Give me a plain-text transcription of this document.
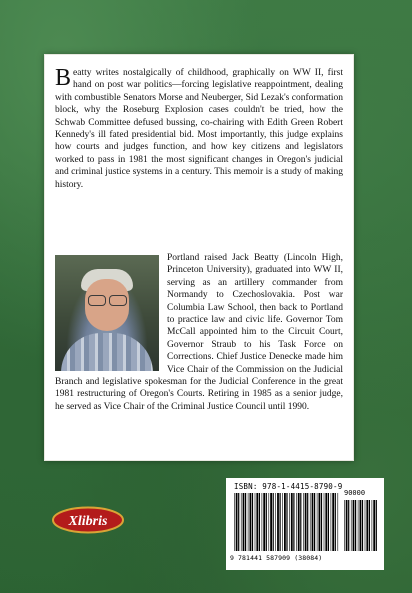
Beatty writes nostalgically of childhood, graphically on WW II, first hand on post war politics—forcing legislative reappointment, dealing with combustible Senators Morse and Neuberger, Sid Lezak's conformation block, why the Roseburg Explosion cases couldn't be tried, how the Schwab Committee defused bussing, co-chairing with Edith Green Robert Kennedy's ill fated presidential bid. Most importantly, this judge explains how courts and judges function, and how key citizens and legislators worked to pass in 1981 the most significant changes in Oregon's judicial and criminal justice systems in a century. This memoir is a study of making history.

Portland raised Jack Beatty (Lincoln High, Princeton University), graduated into WW II, serving as an artillery commander from Normandy to Czechoslovakia. Post war Columbia Law School, then back to Portland to practice law and civic life. Governor Tom McCall appointed him to the Circuit Court, Governor Straub to his Task Force on Corrections. Chief Justice Denecke made him Vice Chair of the Commission on the Judicial Branch and legislative spokesman for the Judicial Conference in the great 1981 restructuring of Oregon's Courts. Retiring in 1985 as a senior judge, he served as Vice Chair of the Criminal Justice Council until 1990.

ISBN: 978-1-4415-8790-9
90000
9 781441 587909 (38084)
Xlibris
